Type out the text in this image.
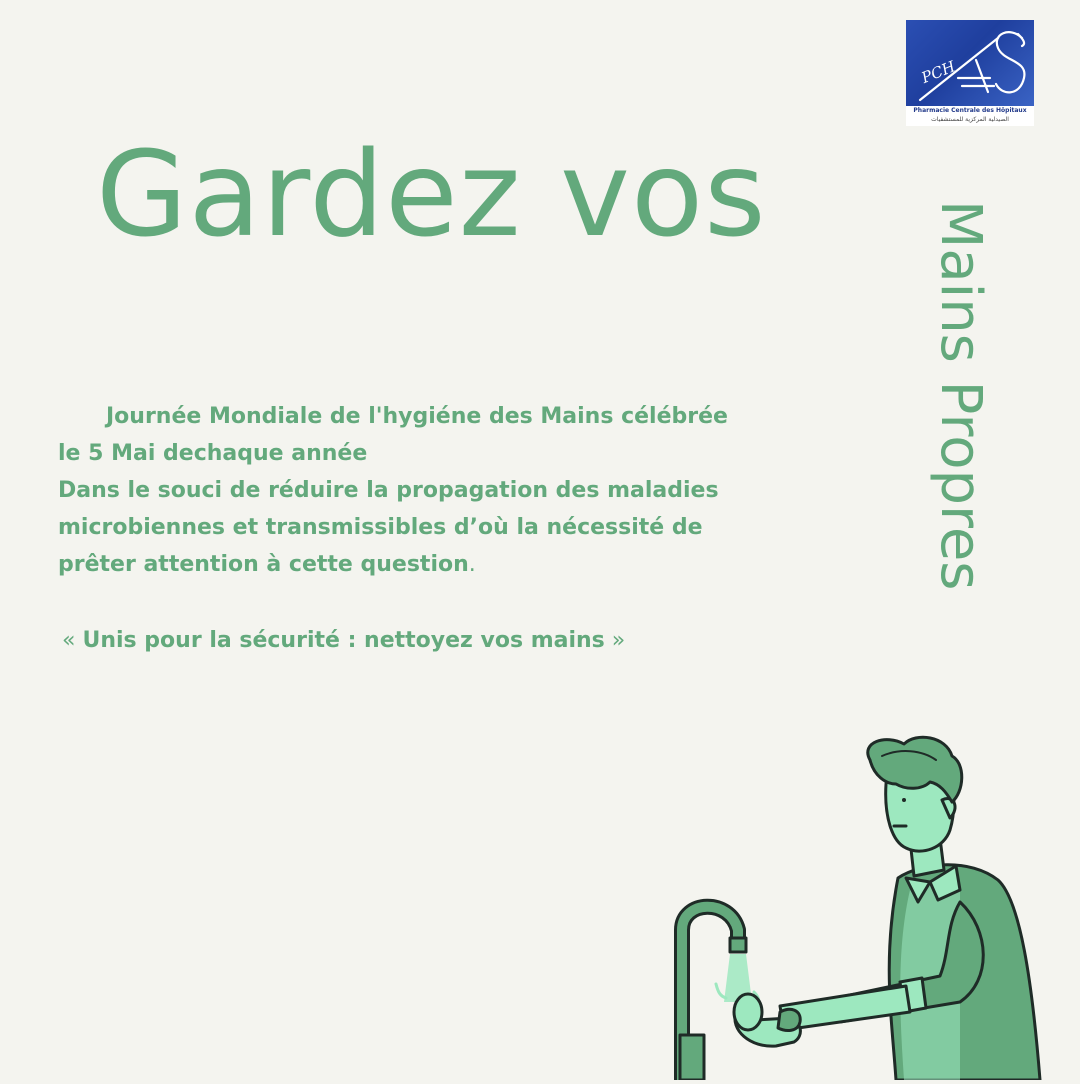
PCH
Pharmacie Centrale des Hôpitaux
الصيدلية المركزية للمستشفيات
Gardez vos
Mains Propres

Journée Mondiale de l'hygiéne des Mains célébrée
le 5 Mai dechaque année
Dans le souci de réduire la propagation des maladies
microbiennes et transmissibles d’où la nécessité de
prêter attention à cette question.

« Unis pour la sécurité : nettoyez vos mains »
